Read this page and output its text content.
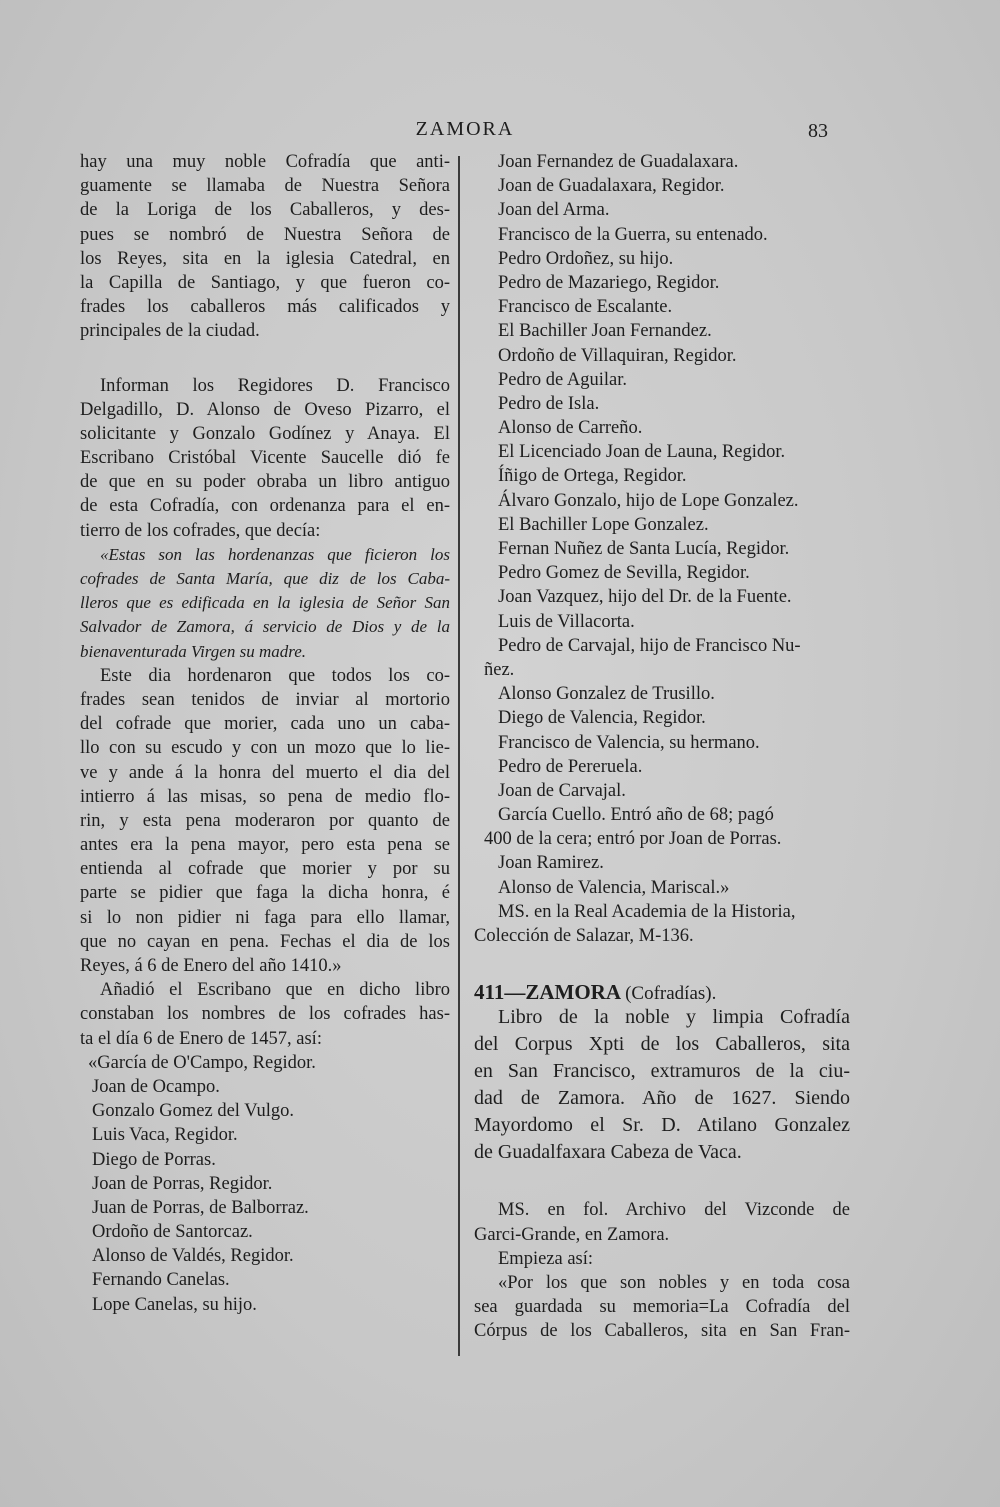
ZAMORA	83
hay una muy noble Cofradía que anti-
guamente se llamaba de Nuestra Señora
de la Loriga de los Caballeros, y des-
pues se nombró de Nuestra Señora de
los Reyes, sita en la iglesia Catedral, en
la Capilla de Santiago, y que fueron co-
frades los caballeros más calificados y
principales de la ciudad.
Informan los Regidores D. Francisco
Delgadillo, D. Alonso de Oveso Pizarro, el
solicitante y Gonzalo Godínez y Anaya. El
Escribano Cristóbal Vicente Saucelle dió fe
de que en su poder obraba un libro antiguo
de esta Cofradía, con ordenanza para el en-
tierro de los cofrades, que decía:
«Estas son las hordenanzas que ficieron los
cofrades de Santa María, que diz de los Caba-
lleros que es edificada en la iglesia de Señor San
Salvador de Zamora, á servicio de Dios y de la
bienaventurada Virgen su madre.
Este dia hordenaron que todos los co-
frades sean tenidos de inviar al mortorio
del cofrade que morier, cada uno un caba-
llo con su escudo y con un mozo que lo lie-
ve y ande á la honra del muerto el dia del
intierro á las misas, so pena de medio flo-
rin, y esta pena moderaron por quanto de
antes era la pena mayor, pero esta pena se
entienda al cofrade que morier y por su
parte se pidier que faga la dicha honra, é
si lo non pidier ni faga para ello llamar,
que no cayan en pena. Fechas el dia de los
Reyes, á 6 de Enero del año 1410.»
Añadió el Escribano que en dicho libro
constaban los nombres de los cofrades has-
ta el día 6 de Enero de 1457, así:
«García de O'Campo, Regidor.
Joan de Ocampo.
Gonzalo Gomez del Vulgo.
Luis Vaca, Regidor.
Diego de Porras.
Joan de Porras, Regidor.
Juan de Porras, de Balborraz.
Ordoño de Santorcaz.
Alonso de Valdés, Regidor.
Fernando Canelas.
Lope Canelas, su hijo.
Joan Fernandez de Guadalaxara.
Joan de Guadalaxara, Regidor.
Joan del Arma.
Francisco de la Guerra, su entenado.
Pedro Ordoñez, su hijo.
Pedro de Mazariego, Regidor.
Francisco de Escalante.
El Bachiller Joan Fernandez.
Ordoño de Villaquiran, Regidor.
Pedro de Aguilar.
Pedro de Isla.
Alonso de Carreño.
El Licenciado Joan de Launa, Regidor.
Íñigo de Ortega, Regidor.
Álvaro Gonzalo, hijo de Lope Gonzalez.
El Bachiller Lope Gonzalez.
Fernan Nuñez de Santa Lucía, Regidor.
Pedro Gomez de Sevilla, Regidor.
Joan Vazquez, hijo del Dr. de la Fuente.
Luis de Villacorta.
Pedro de Carvajal, hijo de Francisco Nu-
ñez.
Alonso Gonzalez de Trusillo.
Diego de Valencia, Regidor.
Francisco de Valencia, su hermano.
Pedro de Pereruela.
Joan de Carvajal.
García Cuello. Entró año de 68; pagó
400 de la cera; entró por Joan de Porras.
Joan Ramirez.
Alonso de Valencia, Mariscal.»
MS. en la Real Academia de la Historia,
Colección de Salazar, M-136.
411—ZAMORA (Cofradías).
Libro de la noble y limpia Cofradía
del Corpus Xpti de los Caballeros, sita
en San Francisco, extramuros de la ciu-
dad de Zamora. Año de 1627. Siendo
Mayordomo el Sr. D. Atilano Gonzalez
de Guadalfaxara Cabeza de Vaca.
MS. en fol. Archivo del Vizconde de
Garci-Grande, en Zamora.
Empieza así:
«Por los que son nobles y en toda cosa
sea guardada su memoria=La Cofradía del
Córpus de los Caballeros, sita en San Fran-
